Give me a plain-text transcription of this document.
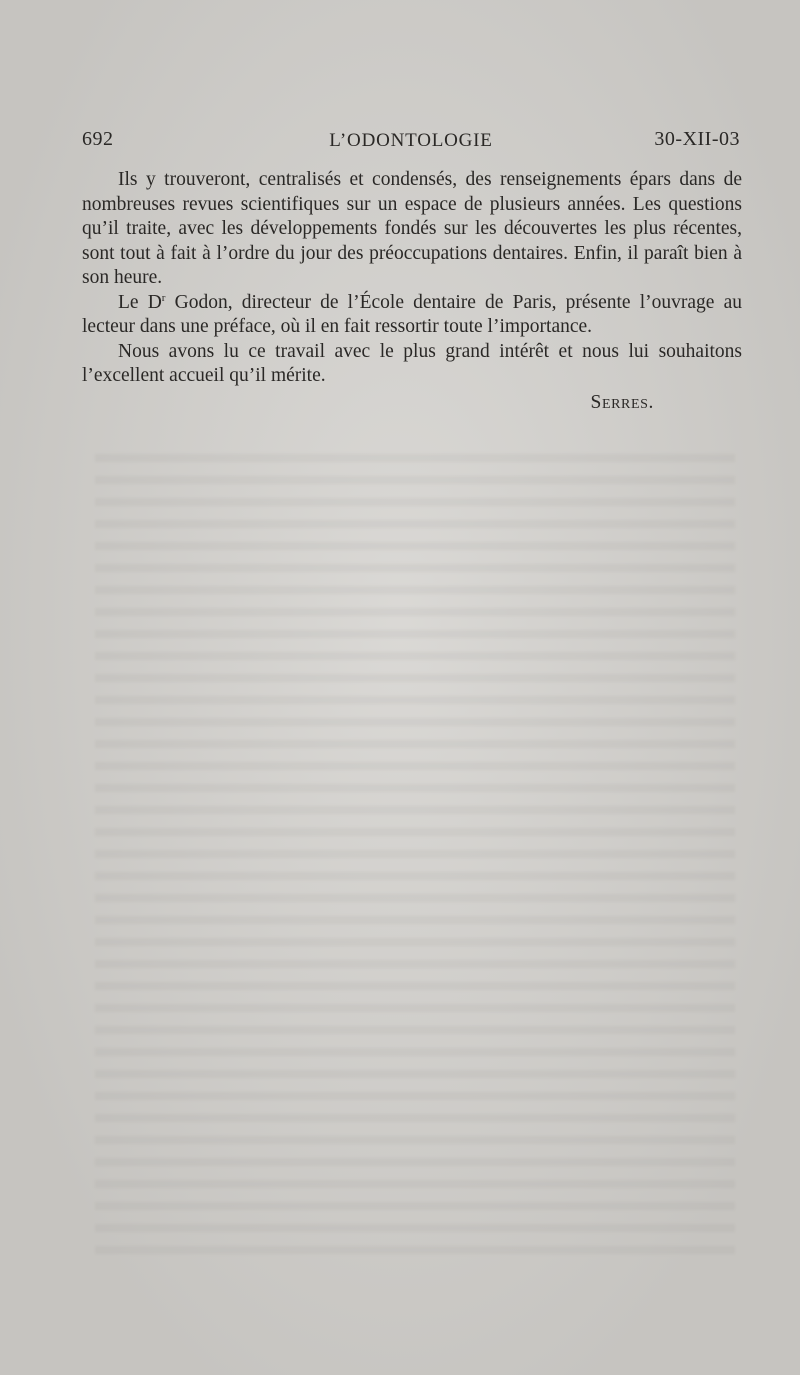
692	L’ODONTOLOGIE	30-XII-03

Ils y trouveront, centralisés et condensés, des renseignements épars dans de nombreuses revues scientifiques sur un espace de plusieurs années. Les questions qu’il traite, avec les développements fondés sur les découvertes les plus récentes, sont tout à fait à l’ordre du jour des préoccupations dentaires. Enfin, il paraît bien à son heure.

Le $D^r$ Godon, directeur de l’École dentaire de Paris, présente l’ouvrage au lecteur dans une préface, où il en fait ressortir toute l’importance.

Nous avons lu ce travail avec le plus grand intérêt et nous lui souhaitons l’excellent accueil qu’il mérite.

Serres.
